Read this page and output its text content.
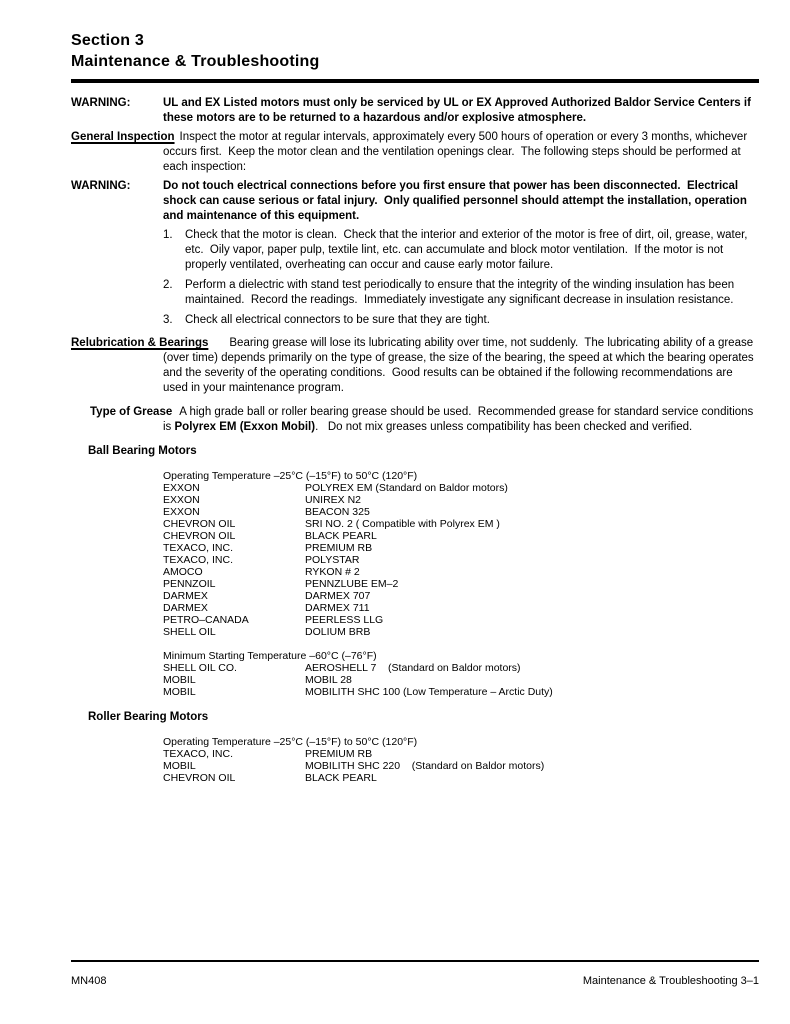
Section 3
Maintenance & Troubleshooting
WARNING:	UL and EX Listed motors must only be serviced by UL or EX Approved Authorized Baldor Service Centers if these motors are to be returned to a hazardous and/or explosive atmosphere.
General Inspection Inspect the motor at regular intervals, approximately every 500 hours of operation or every 3 months, whichever occurs first.  Keep the motor clean and the ventilation openings clear.  The following steps should be performed at each inspection:
WARNING:	Do not touch electrical connections before you first ensure that power has been disconnected.  Electrical shock can cause serious or fatal injury.  Only qualified personnel should attempt the installation, operation and maintenance of this equipment.
1. Check that the motor is clean.  Check that the interior and exterior of the motor is free of dirt, oil, grease, water, etc.  Oily vapor, paper pulp, textile lint, etc. can accumulate and block motor ventilation.  If the motor is not properly ventilated, overheating can occur and cause early motor failure.
2. Perform a dielectric with stand test periodically to ensure that the integrity of the winding insulation has been maintained.  Record the readings.  Immediately investigate any significant decrease in insulation resistance.
3. Check all electrical connectors to be sure that they are tight.
Relubrication & Bearings Bearing grease will lose its lubricating ability over time, not suddenly.  The lubricating ability of a grease (over time) depends primarily on the type of grease, the size of the bearing, the speed at which the bearing operates and the severity of the operating conditions.  Good results can be obtained if the following recommendations are used in your maintenance program.
Type of Grease A high grade ball or roller bearing grease should be used.  Recommended grease for standard service conditions is Polyrex EM (Exxon Mobil).   Do not mix greases unless compatibility has been checked and verified.
Ball Bearing Motors
Operating Temperature –25°C (–15°F) to 50°C (120°F)
EXXON	POLYREX EM (Standard on Baldor motors)
EXXON	UNIREX N2
EXXON	BEACON 325
CHEVRON OIL	SRI NO. 2 ( Compatible with Polyrex EM )
CHEVRON OIL	BLACK PEARL
TEXACO, INC.	PREMIUM RB
TEXACO, INC.	POLYSTAR
AMOCO	RYKON # 2
PENNZOIL	PENNZLUBE EM–2
DARMEX	DARMEX 707
DARMEX	DARMEX 711
PETRO–CANADA	PEERLESS LLG
SHELL OIL	DOLIUM BRB
Minimum Starting Temperature –60°C (–76°F)
SHELL OIL CO.	AEROSHELL 7    (Standard on Baldor motors)
MOBIL	MOBIL 28
MOBIL	MOBILITH SHC 100 (Low Temperature – Arctic Duty)
Roller Bearing Motors
Operating Temperature –25°C (–15°F) to 50°C (120°F)
TEXACO, INC.	PREMIUM RB
MOBIL	MOBILITH SHC 220    (Standard on Baldor motors)
CHEVRON OIL	BLACK PEARL
MN408	Maintenance & Troubleshooting 3–1
